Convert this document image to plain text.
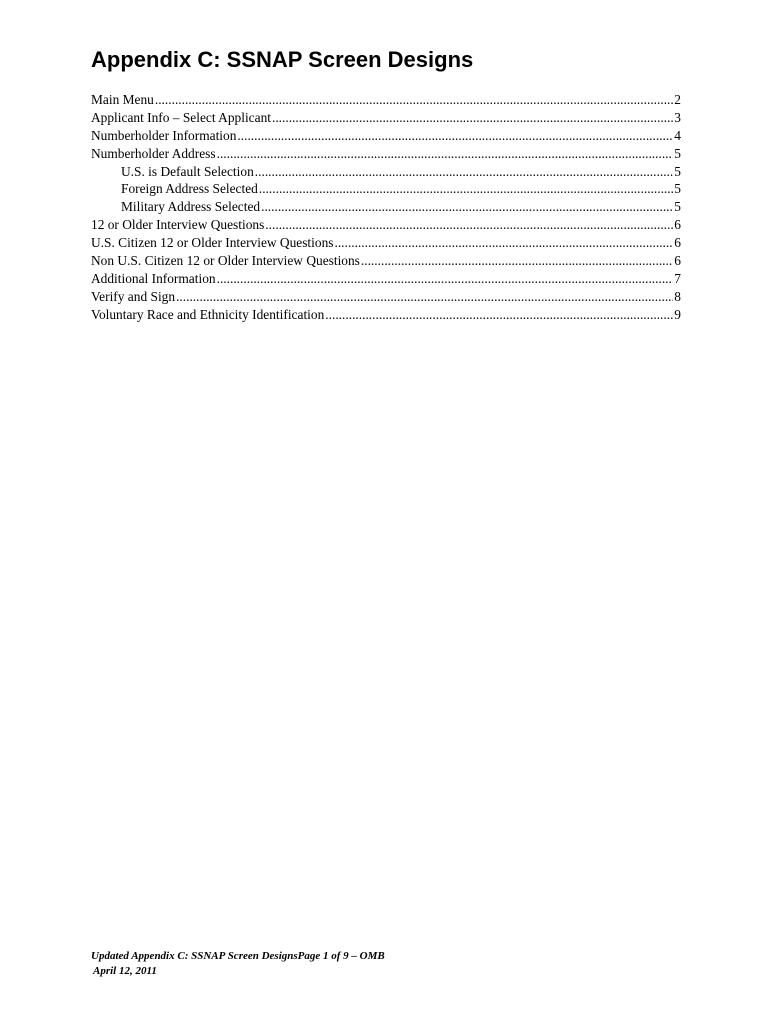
Appendix C: SSNAP Screen Designs
Main Menu .....	2
Applicant Info – Select Applicant .....	3
Numberholder Information .....	4
Numberholder Address .....	5
U.S. is Default Selection .....	5
Foreign Address Selected .....	5
Military Address Selected .....	5
12 or Older Interview Questions .....	6
U.S. Citizen 12 or Older Interview Questions .....	6
Non U.S. Citizen 12 or Older Interview Questions .....	6
Additional Information .....	7
Verify and Sign .....	8
Voluntary Race and Ethnicity Identification .....	9
Updated Appendix C: SSNAP Screen DesignsPage 1 of 9 – OMB
April 12, 2011
